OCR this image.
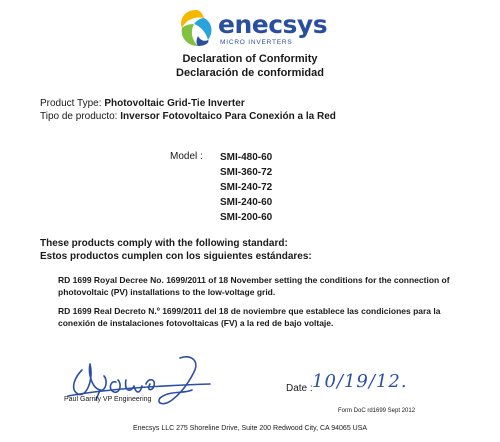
enecsys
MICRO INVERTERS
Declaration of Conformity
Declaración de conformidad
Product Type: Photovoltaic Grid-Tie Inverter
Tipo de producto: Inversor Fotovoltaico Para Conexión a la Red
Model : SMI-480-60
SMI-360-72
SMI-240-72
SMI-240-60
SMI-200-60
These products comply with the following standard:
Estos productos cumplen con los siguientes estándares:
RD 1699 Royal Decree No. 1699/2011 of 18 November setting the conditions for the connection of
photovoltaic (PV) installations to the low-voltage grid.
RD 1699 Real Decreto N.º 1699/2011 del 18 de noviembre que establece las condiciones para la
conexión de instalaciones fotovoltaicas (FV) a la red de bajo voltaje.
Paul Garrity VP Engineering
Date : 10/19/12.
Form DoC rd1699 Sept 2012
Enecsys LLC 275 Shoreline Drive, Suite 200 Redwood City, CA 94065 USA
